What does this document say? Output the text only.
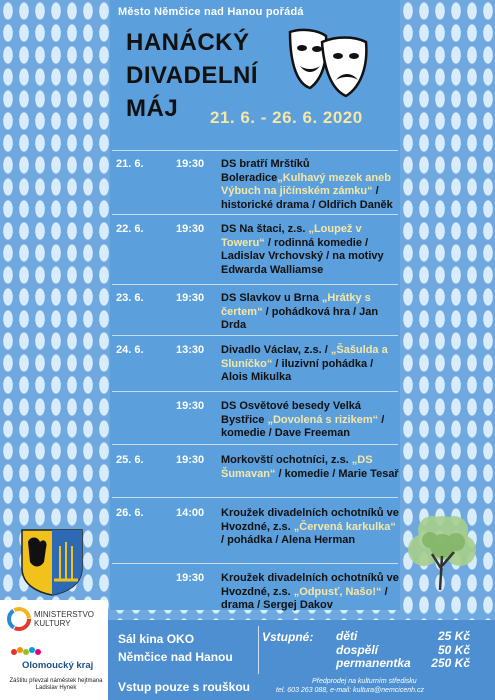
Město Němčice nad Hanou pořádá
HANÁCKÝ
DIVADELNÍ
MÁJ	21. 6. - 26. 6. 2020
21. 6.	19:30	DS bratří Mrštíků Boleradice„Kulhavý mezek aneb Výbuch na jičínském zámku“ / historické drama / Oldřich Daněk
22. 6.	19:30	DS Na štaci, z.s. „Loupež v Toweru“ / rodinná komedie / Ladislav Vrchovský / na motivy Edwarda Walliamse
23. 6.	19:30	DS Slavkov u Brna „Hrátky s čertem“ / pohádková hra / Jan Drda
24. 6.	13:30	Divadlo Václav, z.s. / „Šašulda a Sluníčko“ / iluzivní pohádka / Alois Mikulka
19:30	DS Osvětové besedy Velká Bystřice „Dovolená s rizikem“ / komedie / Dave Freeman
25. 6.	19:30	Morkovští ochotníci, z.s. „DS Šumavan“ / komedie / Marie Tesař
26. 6.	14:00	Kroužek divadelních ochotníků ve Hvozdné, z.s. „Červená karkulka“ / pohádka / Alena Herman
19:30	Kroužek divadelních ochotníků ve Hvozdné, z.s. „Odpusť, Našo!“ / drama / Sergej Dakov
Sál kina OKO
Němčice nad Hanou
Vstup pouze s rouškou
Vstupné: děti	25 Kč
dospělí	50 Kč
permanentka 250 Kč
Předprodej na kulturním středisku
tel. 603 263 088, e-mail: kultura@nemcicenh.cz
MINISTERSTVO
KULTURY
Olomoucký kraj
Záštitu převzal náměstek hejtmana Ladislav Hynek
